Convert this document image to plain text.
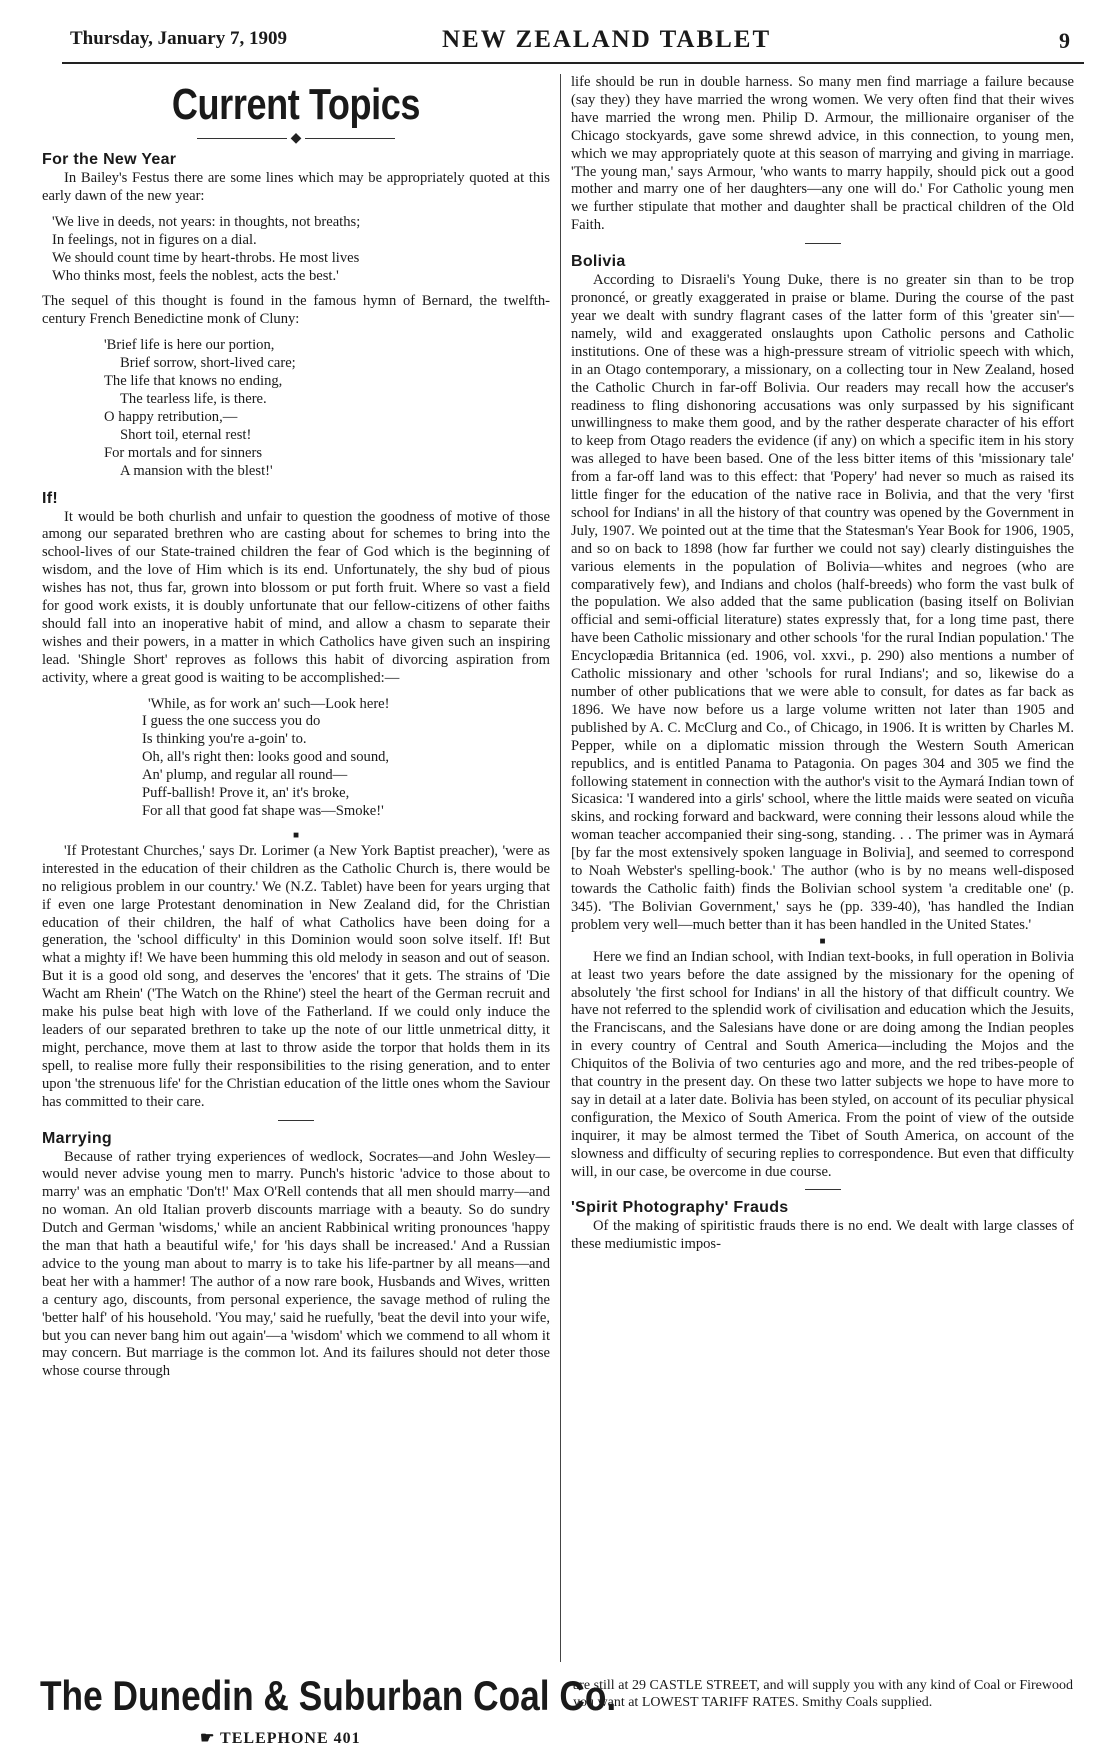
Thursday, January 7, 1909	NEW ZEALAND TABLET	9
Current Topics
◆
For the New Year

In Bailey's Festus there are some lines which may be appropriately quoted at this early dawn of the new year:

'We live in deeds, not years: in thoughts, not breaths;
In feelings, not in figures on a dial.
We should count time by heart-throbs. He most lives
Who thinks most, feels the noblest, acts the best.'

The sequel of this thought is found in the famous hymn of Bernard, the twelfth-century French Benedictine monk of Cluny:

'Brief life is here our portion,
Brief sorrow, short-lived care;
The life that knows no ending,
The tearless life, is there.
O happy retribution,—
Short toil, eternal rest!
For mortals and for sinners
A mansion with the blest!'
If!

It would be both churlish and unfair to question the goodness of motive of those among our separated brethren who are casting about for schemes to bring into the school-lives of our State-trained children the fear of God which is the beginning of wisdom, and the love of Him which is its end. Unfortunately, the shy bud of pious wishes has not, thus far, grown into blossom or put forth fruit. Where so vast a field for good work exists, it is doubly unfortunate that our fellow-citizens of other faiths should fall into an inoperative habit of mind, and allow a chasm to separate their wishes and their powers, in a matter in which Catholics have given such an inspiring lead. 'Shingle Short' reproves as follows this habit of divorcing aspiration from activity, where a great good is waiting to be accomplished:—

'While, as for work an' such—Look here!
I guess the one success you do
Is thinking you're a-goin' to.
Oh, all's right then: looks good and sound,
An' plump, and regular all round—
Puff-ballish! Prove it, an' it's broke,
For all that good fat shape was—Smoke!'
■

'If Protestant Churches,' says Dr. Lorimer (a New York Baptist preacher), 'were as interested in the education of their children as the Catholic Church is, there would be no religious problem in our country.' We (N.Z. Tablet) have been for years urging that if even one large Protestant denomination in New Zealand did, for the Christian education of their children, the half of what Catholics have been doing for a generation, the 'school difficulty' in this Dominion would soon solve itself. If! But what a mighty if! We have been humming this old melody in season and out of season. But it is a good old song, and deserves the 'encores' that it gets. The strains of 'Die Wacht am Rhein' ('The Watch on the Rhine') steel the heart of the German recruit and make his pulse beat high with love of the Fatherland. If we could only induce the leaders of our separated brethren to take up the note of our little unmetrical ditty, it might, perchance, move them at last to throw aside the torpor that holds them in its spell, to realise more fully their responsibilities to the rising generation, and to enter upon 'the strenuous life' for the Christian education of the little ones whom the Saviour has committed to their care.

Marrying

Because of rather trying experiences of wedlock, Socrates—and John Wesley—would never advise young men to marry. Punch's historic 'advice to those about to marry' was an emphatic 'Don't!' Max O'Rell contends that all men should marry—and no woman. An old Italian proverb discounts marriage with a beauty. So do sundry Dutch and German 'wisdoms,' while an ancient Rabbinical writing pronounces 'happy the man that hath a beautiful wife,' for 'his days shall be increased.' And a Russian advice to the young man about to marry is to take his life-partner by all means—and beat her with a hammer! The author of a now rare book, Husbands and Wives, written a century ago, discounts, from personal experience, the savage method of ruling the 'better half' of his household. 'You may,' said he ruefully, 'beat the devil into your wife, but you can never bang him out again'—a 'wisdom' which we commend to all whom it may concern. But marriage is the common lot. And its failures should not deter those whose course through

life should be run in double harness. So many men find marriage a failure because (say they) they have married the wrong women. We very often find that their wives have married the wrong men. Philip D. Armour, the millionaire organiser of the Chicago stockyards, gave some shrewd advice, in this connection, to young men, which we may appropriately quote at this season of marrying and giving in marriage. 'The young man,' says Armour, 'who wants to marry happily, should pick out a good mother and marry one of her daughters—any one will do.' For Catholic young men we further stipulate that mother and daughter shall be practical children of the Old Faith.

Bolivia

According to Disraeli's Young Duke, there is no greater sin than to be trop prononcé, or greatly exaggerated in praise or blame. During the course of the past year we dealt with sundry flagrant cases of the latter form of this 'greater sin'—namely, wild and exaggerated onslaughts upon Catholic persons and Catholic institutions. One of these was a high-pressure stream of vitriolic speech with which, in an Otago contemporary, a missionary, on a collecting tour in New Zealand, hosed the Catholic Church in far-off Bolivia. Our readers may recall how the accuser's readiness to fling dishonoring accusations was only surpassed by his significant unwillingness to make them good, and by the rather desperate character of his effort to keep from Otago readers the evidence (if any) on which a specific item in his story was alleged to have been based. One of the less bitter items of this 'missionary tale' from a far-off land was to this effect: that 'Popery' had never so much as raised its little finger for the education of the native race in Bolivia, and that the very 'first school for Indians' in all the history of that country was opened by the Government in July, 1907. We pointed out at the time that the Statesman's Year Book for 1906, 1905, and so on back to 1898 (how far further we could not say) clearly distinguishes the various elements in the population of Bolivia—whites and negroes (who are comparatively few), and Indians and cholos (half-breeds) who form the vast bulk of the population. We also added that the same publication (basing itself on Bolivian official and semi-official literature) states expressly that, for a long time past, there have been Catholic missionary and other schools 'for the rural Indian population.' The Encyclopædia Britannica (ed. 1906, vol. xxvi., p. 290) also mentions a number of Catholic missionary and other 'schools for rural Indians'; and so, likewise do a number of other publications that we were able to consult, for dates as far back as 1896. We have now before us a large volume written not later than 1905 and published by A. C. McClurg and Co., of Chicago, in 1906. It is written by Charles M. Pepper, while on a diplomatic mission through the Western South American republics, and is entitled Panama to Patagonia. On pages 304 and 305 we find the following statement in connection with the author's visit to the Aymará Indian town of Sicasica: 'I wandered into a girls' school, where the little maids were seated on vicuña skins, and rocking forward and backward, were conning their lessons aloud while the woman teacher accompanied their sing-song, standing. . . The primer was in Aymará [by far the most extensively spoken language in Bolivia], and seemed to correspond to Noah Webster's spelling-book.' The author (who is by no means well-disposed towards the Catholic faith) finds the Bolivian school system 'a creditable one' (p. 345). 'The Bolivian Government,' says he (pp. 339-40), 'has handled the Indian problem very well—much better than it has been handled in the United States.'

■

Here we find an Indian school, with Indian text-books, in full operation in Bolivia at least two years before the date assigned by the missionary for the opening of absolutely 'the first school for Indians' in all the history of that difficult country. We have not referred to the splendid work of civilisation and education which the Jesuits, the Franciscans, and the Salesians have done or are doing among the Indian peoples in every country of Central and South America—including the Mojos and the Chiquitos of the Bolivia of two centuries ago and more, and the red tribes-people of that country in the present day. On these two latter subjects we hope to have more to say in detail at a later date. Bolivia has been styled, on account of its peculiar physical configuration, the Mexico of South America. From the point of view of the outside inquirer, it may be almost termed the Tibet of South America, on account of the slowness and difficulty of securing replies to correspondence. But even that difficulty will, in our case, be overcome in due course.

'Spirit Photography' Frauds

Of the making of spiritistic frauds there is no end. We dealt with large classes of these mediumistic impos-

The Dunedin & Suburban Coal Co.
☛ TELEPHONE 401
are still at 29 CASTLE STREET, and will supply you with any kind of Coal or Firewood you want at LOWEST TARIFF RATES. Smithy Coals supplied.
